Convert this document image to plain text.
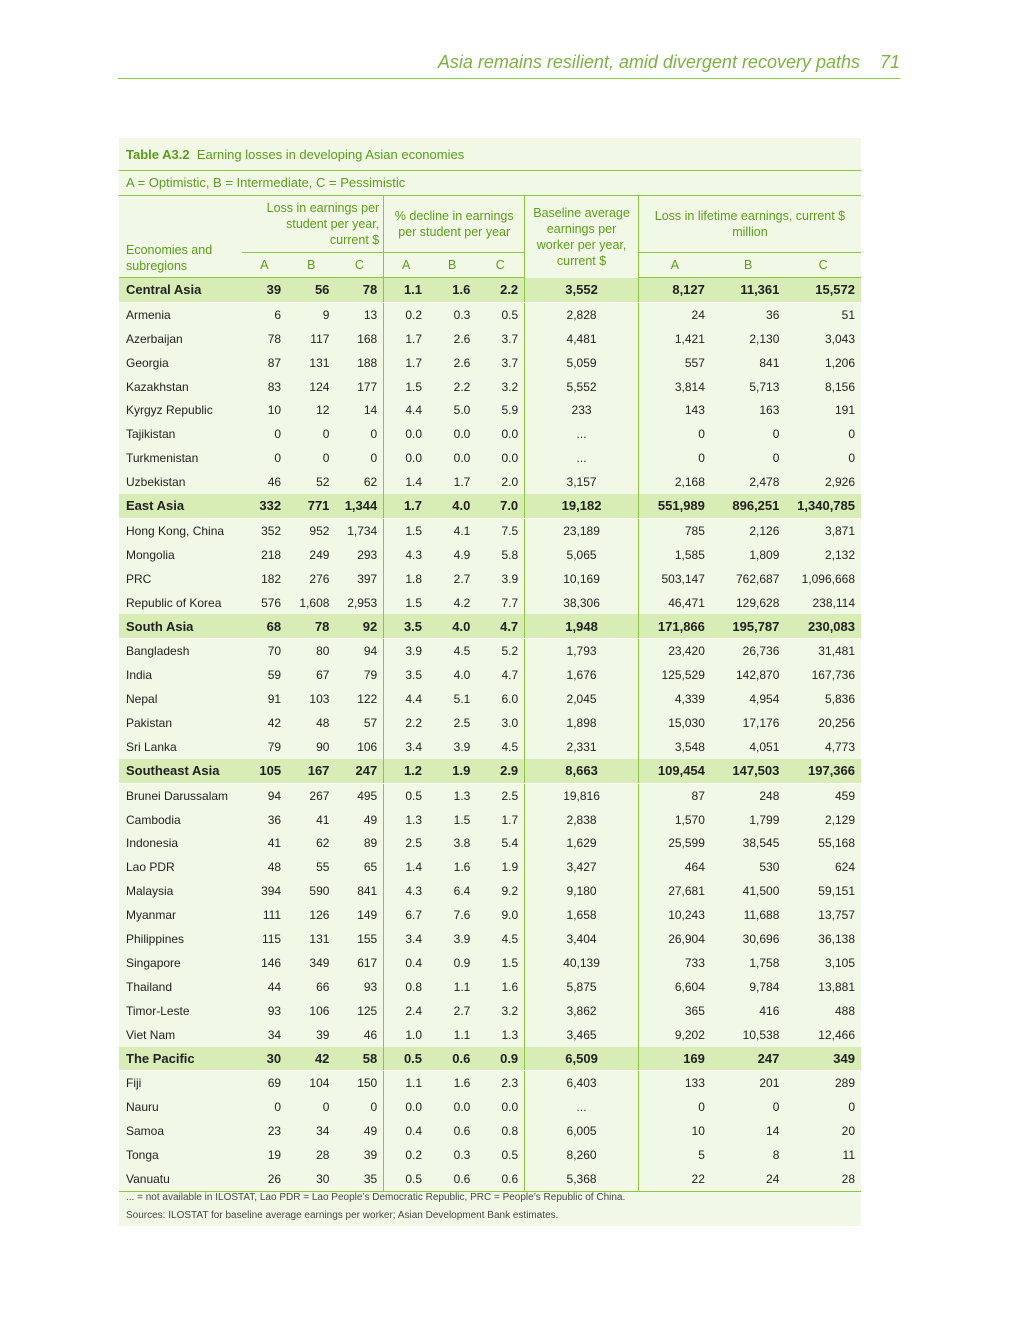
Asia remains resilient, amid divergent recovery paths 71
Table A3.2 Earning losses in developing Asian economies
A = Optimistic, B = Intermediate, C = Pessimistic
Economies and subregions	Loss in earnings per student per year, current $			% decline in earnings per student per year			Baseline average earnings per worker per year, current $	Loss in lifetime earnings, current $ million		
	A	B	C	A	B	C		A	B	C
Central Asia	39	56	78	1.1	1.6	2.2	3,552	8,127	11,361	15,572
Armenia	6	9	13	0.2	0.3	0.5	2,828	24	36	51
Azerbaijan	78	117	168	1.7	2.6	3.7	4,481	1,421	2,130	3,043
Georgia	87	131	188	1.7	2.6	3.7	5,059	557	841	1,206
Kazakhstan	83	124	177	1.5	2.2	3.2	5,552	3,814	5,713	8,156
Kyrgyz Republic	10	12	14	4.4	5.0	5.9	233	143	163	191
Tajikistan	0	0	0	0.0	0.0	0.0	...	0	0	0
Turkmenistan	0	0	0	0.0	0.0	0.0	...	0	0	0
Uzbekistan	46	52	62	1.4	1.7	2.0	3,157	2,168	2,478	2,926
East Asia	332	771	1,344	1.7	4.0	7.0	19,182	551,989	896,251	1,340,785
Hong Kong, China	352	952	1,734	1.5	4.1	7.5	23,189	785	2,126	3,871
Mongolia	218	249	293	4.3	4.9	5.8	5,065	1,585	1,809	2,132
PRC	182	276	397	1.8	2.7	3.9	10,169	503,147	762,687	1,096,668
Republic of Korea	576	1,608	2,953	1.5	4.2	7.7	38,306	46,471	129,628	238,114
South Asia	68	78	92	3.5	4.0	4.7	1,948	171,866	195,787	230,083
Bangladesh	70	80	94	3.9	4.5	5.2	1,793	23,420	26,736	31,481
India	59	67	79	3.5	4.0	4.7	1,676	125,529	142,870	167,736
Nepal	91	103	122	4.4	5.1	6.0	2,045	4,339	4,954	5,836
Pakistan	42	48	57	2.2	2.5	3.0	1,898	15,030	17,176	20,256
Sri Lanka	79	90	106	3.4	3.9	4.5	2,331	3,548	4,051	4,773
Southeast Asia	105	167	247	1.2	1.9	2.9	8,663	109,454	147,503	197,366
Brunei Darussalam	94	267	495	0.5	1.3	2.5	19,816	87	248	459
Cambodia	36	41	49	1.3	1.5	1.7	2,838	1,570	1,799	2,129
Indonesia	41	62	89	2.5	3.8	5.4	1,629	25,599	38,545	55,168
Lao PDR	48	55	65	1.4	1.6	1.9	3,427	464	530	624
Malaysia	394	590	841	4.3	6.4	9.2	9,180	27,681	41,500	59,151
Myanmar	111	126	149	6.7	7.6	9.0	1,658	10,243	11,688	13,757
Philippines	115	131	155	3.4	3.9	4.5	3,404	26,904	30,696	36,138
Singapore	146	349	617	0.4	0.9	1.5	40,139	733	1,758	3,105
Thailand	44	66	93	0.8	1.1	1.6	5,875	6,604	9,784	13,881
Timor-Leste	93	106	125	2.4	2.7	3.2	3,862	365	416	488
Viet Nam	34	39	46	1.0	1.1	1.3	3,465	9,202	10,538	12,466
The Pacific	30	42	58	0.5	0.6	0.9	6,509	169	247	349
Fiji	69	104	150	1.1	1.6	2.3	6,403	133	201	289
Nauru	0	0	0	0.0	0.0	0.0	...	0	0	0
Samoa	23	34	49	0.4	0.6	0.8	6,005	10	14	20
Tonga	19	28	39	0.2	0.3	0.5	8,260	5	8	11
Vanuatu	26	30	35	0.5	0.6	0.6	5,368	22	24	28
... = not available in ILOSTAT, Lao PDR = Lao People’s Democratic Republic, PRC = People’s Republic of China.
Sources: ILOSTAT for baseline average earnings per worker; Asian Development Bank estimates.
